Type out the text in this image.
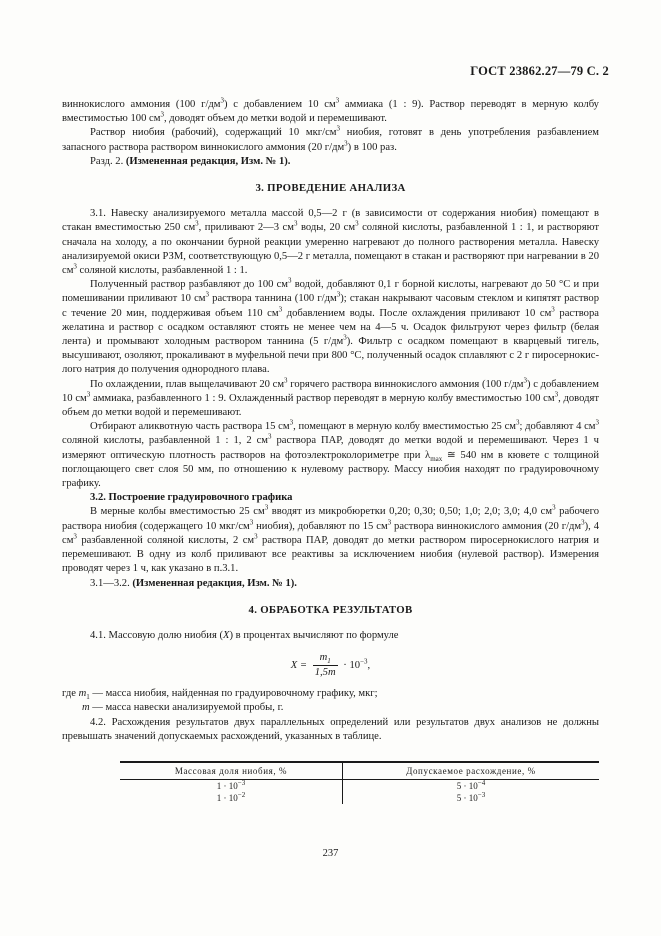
ГОСТ 23862.27—79 С. 2

виннокислого аммония (100 $г/дм^3$) с добавлением 10 $см^3$ аммиака (1 : 9). Раствор переводят в мерную колбу вместимостью 100 $см^3$, доводят объем до метки водой и перемешивают.

Раствор ниобия (рабочий), содержащий 10 мкг/$см^3$ ниобия, готовят в день употребления разбавлением запасного раствора раствором виннокислого аммония (20 $г/дм^3$) в 100 раз.

Разд. 2. (Измененная редакция, Изм. № 1).

3. ПРОВЕДЕНИЕ АНАЛИЗА

3.1. Навеску анализируемого металла массой 0,5—2 г (в зависимости от содержания ниобия) помещают в стакан вместимостью 250 $см^3$, приливают 2—3 $см^3$ воды, 20 $см^3$ соляной кислоты, разбавленной 1 : 1, и растворяют сначала на холоду, а по окончании бурной реакции умеренно нагревают до полного растворения металла. Навеску анализируемой окиси РЗМ, соответствующую 0,5—2 г металла, помещают в стакан и растворяют при нагревании в 20 $см^3$ соляной кислоты, разбавленной 1 : 1.

Полученный раствор разбавляют до 100 $см^3$ водой, добавляют 0,1 г борной кислоты, нагревают до 50 °С и при помешивании приливают 10 $см^3$ раствора таннина (100 $г/дм^3$); стакан накрывают часовым стеклом и кипятят раствор с течение 20 мин, поддерживая объем 110 $см^3$ добавлением воды. После охлаждения приливают 10 $см^3$ раствора желатина и раствор с осадком оставляют стоять не менее чем на 4—5 ч. Осадок фильтруют через фильтр (белая лента) и промывают холодным раствором таннина (5 $г/дм^3$). Фильтр с осадком помещают в кварцевый тигель, высушивают, озоляют, прокаливают в муфельной печи при 800 °С, полученный осадок сплавляют с 2 г пиросернокислого натрия до получения однородного плава.

По охлаждении, плав выщелачивают 20 $см^3$ горячего раствора виннокислого аммония (100 $г/дм^3$) с добавлением 10 $см^3$ аммиака, разбавленного 1 : 9. Охлажденный раствор переводят в мерную колбу вместимостью 100 $см^3$, доводят объем до метки водой и перемешивают.

Отбирают аликвотную часть раствора 15 $см^3$, помещают в мерную колбу вместимостью 25 $см^3$; добавляют 4 $см^3$ соляной кислоты, разбавленной 1 : 1, 2 $см^3$ раствора ПАР, доводят до метки водой и перемешивают. Через 1 ч измеряют оптическую плотность растворов на фотоэлектроколориметре при $\lambda_{max}$ ≅ 540 нм в кювете с толщиной поглощающего свет слоя 50 мм, по отношению к нулевому раствору. Массу ниобия находят по градуировочному графику.

3.2. Построение градуировочного графика

В мерные колбы вместимостью 25 $см^3$ вводят из микробюретки 0,20; 0,30; 0,50; 1,0; 2,0; 3,0; 4,0 $см^3$ рабочего раствора ниобия (содержащего 10 мкг/$см^3$ ниобия), добавляют по 15 $см^3$ раствора виннокислого аммония (20 $г/дм^3$), 4 $см^3$ разбавленной соляной кислоты, 2 $см^3$ раствора ПАР, доводят до метки раствором пиросернокислого натрия и перемешивают. В одну из колб приливают все реактивы за исключением ниобия (нулевой раствор). Измерения проводят через 1 ч, как указано в п.3.1.

3.1—3.2. (Измененная редакция, Изм. № 1).

4. ОБРАБОТКА РЕЗУЛЬТАТОВ

4.1. Массовую долю ниобия (X) в процентах вычисляют по формуле

$X = \frac{m_1}{1,5m} \cdot 10^{-3}$,

где $m_1$ — масса ниобия, найденная по градуировочному графику, мкг;

m — масса навески анализируемой пробы, г.

4.2. Расхождения результатов двух параллельных определений или результатов двух анализов не должны превышать значений допускаемых расхождений, указанных в таблице.

Массовая доля ниобия, %	Допускаемое расхождение, %
$1 \cdot 10^{-3}$	$5 \cdot 10^{-4}$
$1 \cdot 10^{-2}$	$5 \cdot 10^{-3}$
237
